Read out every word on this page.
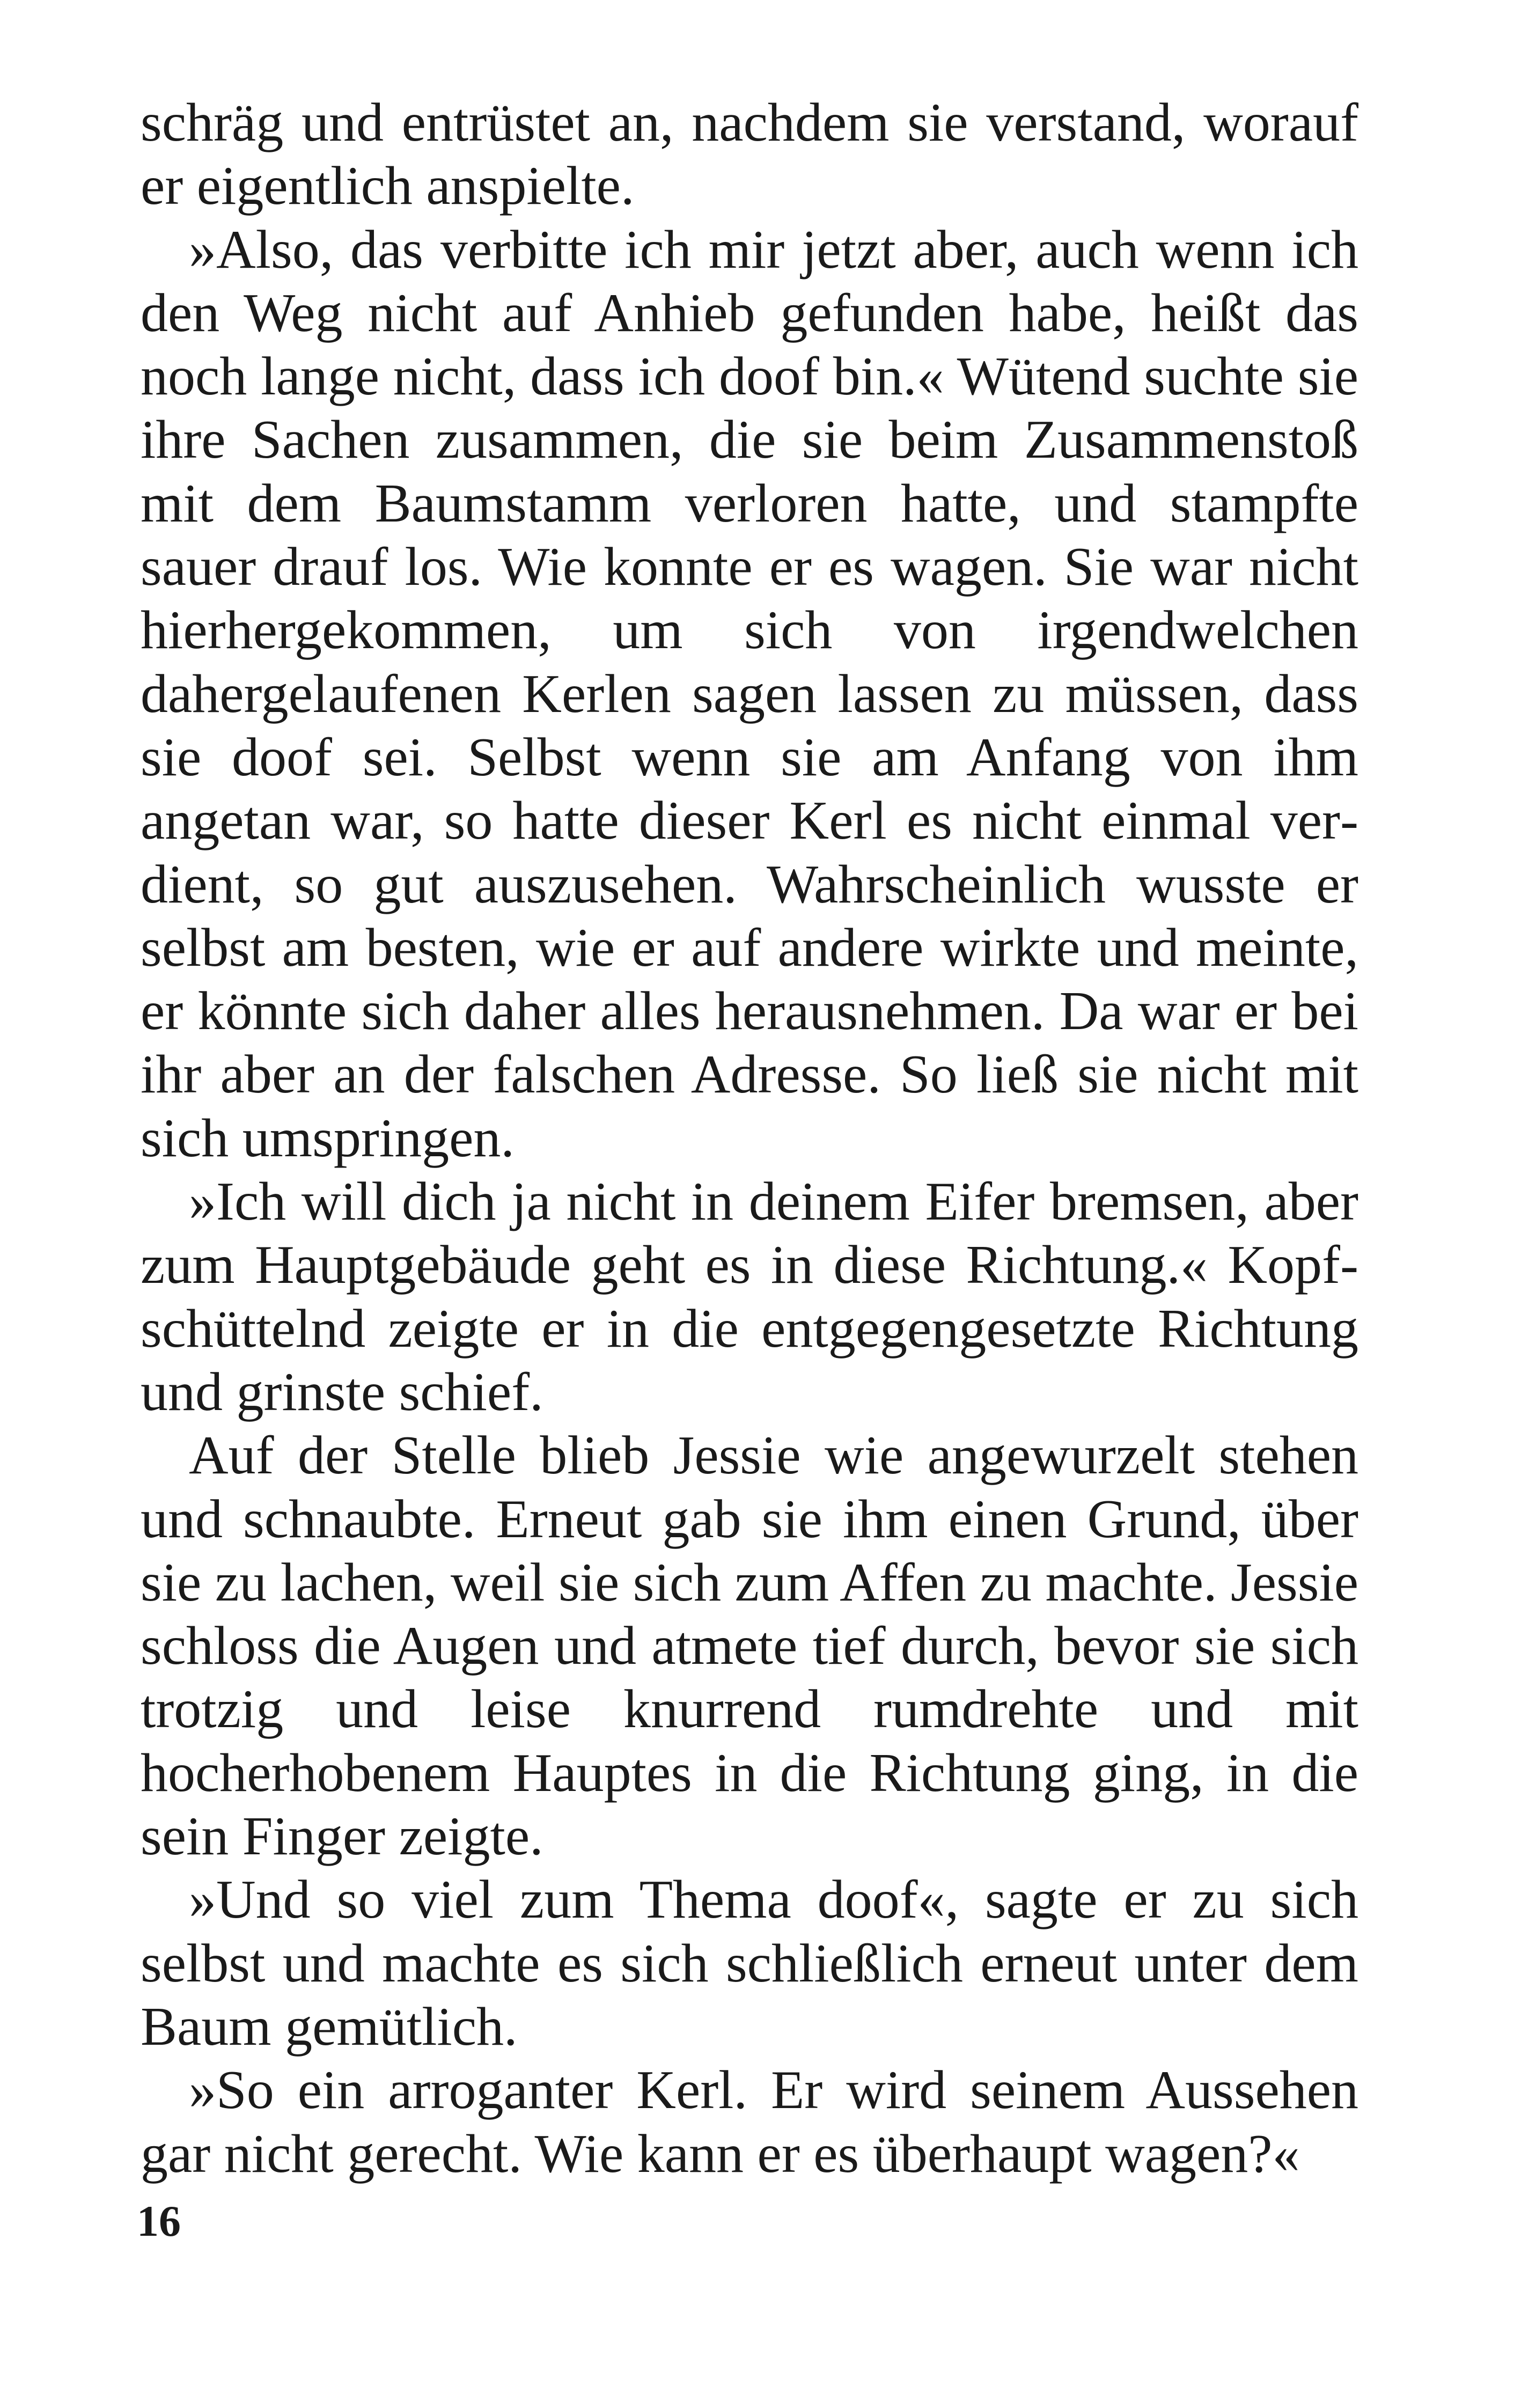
schräg und entrüstet an, nachdem sie verstand, worauf er eigentlich anspielte.

»Also, das verbitte ich mir jetzt aber, auch wenn ich den Weg nicht auf Anhieb gefunden habe, heißt das noch lange nicht, dass ich doof bin.« Wütend suchte sie ihre Sachen zusammen, die sie beim Zusammenstoß mit dem Baumstamm verloren hatte, und stampfte sauer drauf los. Wie konnte er es wagen. Sie war nicht hierhergekommen, um sich von irgendwelchen dahergelaufenen Kerlen sagen lassen zu müssen, dass sie doof sei. Selbst wenn sie am Anfang von ihm angetan war, so hatte dieser Kerl es nicht einmal verdient, so gut auszusehen. Wahrscheinlich wusste er selbst am besten, wie er auf andere wirkte und meinte, er könnte sich daher alles herausnehmen. Da war er bei ihr aber an der falschen Adresse. So ließ sie nicht mit sich umspringen.

»Ich will dich ja nicht in deinem Eifer bremsen, aber zum Hauptgebäude geht es in diese Richtung.« Kopfschüttelnd zeigte er in die entgegengesetzte Richtung und grinste schief.

Auf der Stelle blieb Jessie wie angewurzelt stehen und schnaubte. Erneut gab sie ihm einen Grund, über sie zu lachen, weil sie sich zum Affen zu machte. Jessie schloss die Augen und atmete tief durch, bevor sie sich trotzig und leise knurrend rumdrehte und mit hocherhobenem Hauptes in die Richtung ging, in die sein Finger zeigte.

»Und so viel zum Thema doof«, sagte er zu sich selbst und machte es sich schließlich erneut unter dem Baum gemütlich.

»So ein arroganter Kerl. Er wird seinem Aussehen gar nicht gerecht. Wie kann er es überhaupt wagen?«

16
